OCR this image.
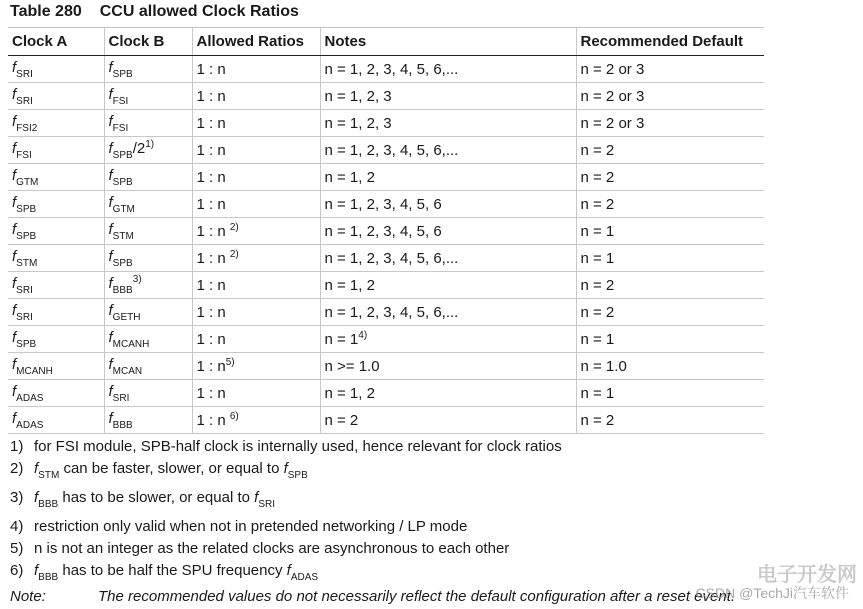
Table 280 CCU allowed Clock Ratios
Clock A	Clock B	Allowed Ratios	Notes	Recommended Default
$f_{SRI}$	$f_{SPB}$	1 : n	n = 1, 2, 3, 4, 5, 6,...	n = 2 or 3
$f_{SRI}$	$f_{FSI}$	1 : n	n = 1, 2, 3	n = 2 or 3
$f_{FSI2}$	$f_{FSI}$	1 : n	n = 1, 2, 3	n = 2 or 3
$f_{FSI}$	$f_{SPB}/2^{1)}$	1 : n	n = 1, 2, 3, 4, 5, 6,...	n = 2
$f_{GTM}$	$f_{SPB}$	1 : n	n = 1, 2	n = 2
$f_{SPB}$	$f_{GTM}$	1 : n	n = 1, 2, 3, 4, 5, 6	n = 2
$f_{SPB}$	$f_{STM}$	1 : n $^{2)}$	n = 1, 2, 3, 4, 5, 6	n = 1
$f_{STM}$	$f_{SPB}$	1 : n $^{2)}$	n = 1, 2, 3, 4, 5, 6,...	n = 1
$f_{SRI}$	$f_{BBB}^{3)}$	1 : n	n = 1, 2	n = 2
$f_{SRI}$	$f_{GETH}$	1 : n	n = 1, 2, 3, 4, 5, 6,...	n = 2
$f_{SPB}$	$f_{MCANH}$	1 : n	$n = 1^{4)}$	n = 1
$f_{MCANH}$	$f_{MCAN}$	1 : $n^{5)}$	n >= 1.0	n = 1.0
$f_{ADAS}$	$f_{SRI}$	1 : n	n = 1, 2	n = 1
$f_{ADAS}$	$f_{BBB}$	1 : n $^{6)}$	n = 2	n = 2
1) for FSI module, SPB-half clock is internally used, hence relevant for clock ratios
2) $f_{STM}$ can be faster, slower, or equal to $f_{SPB}$
3) $f_{BBB}$ has to be slower, or equal to $f_{SRI}$
4) restriction only valid when not in pretended networking / LP mode
5) n is not an integer as the related clocks are asynchronous to each other
6) $f_{BBB}$ has to be half the SPU frequency $f_{ADAS}$
Note:	The recommended values do not necessarily reflect the default configuration after a reset event.
电子开发网
CSDN @TechJi汽车软件
